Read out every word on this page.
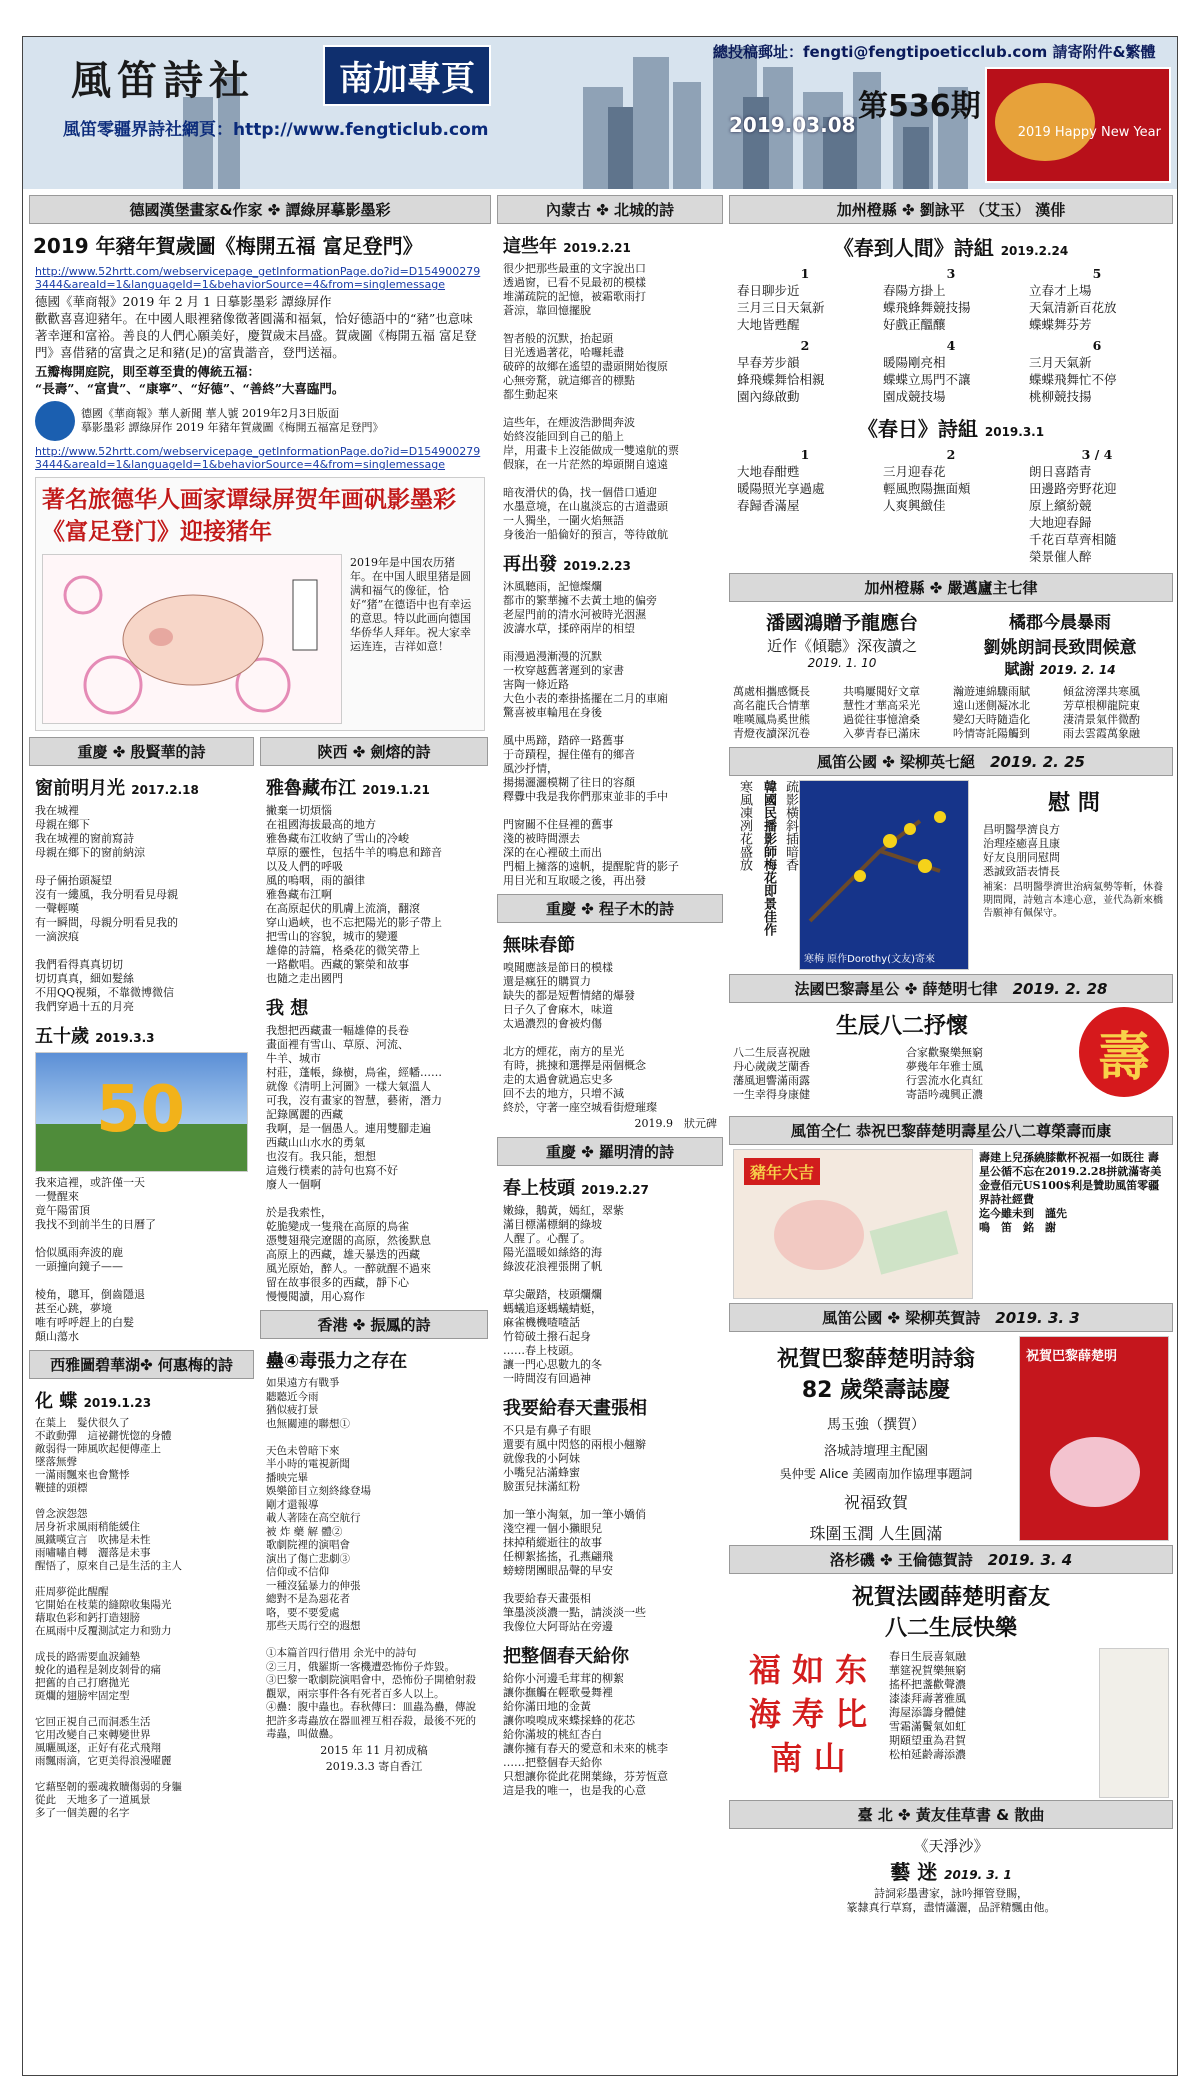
風笛詩社	南加專頁
總投稿郵址：fengti@fengtipoeticclub.com 請寄附件&繁體
風笛零疆界詩社網頁：http://www.fengticlub.com	2019.03.08
第536期
2019 Happy New Year
德國漢堡畫家&作家 ✤ 譚綠屏摹影墨彩
2019 年豬年賀歲圖《梅開五福 富足登門》
http://www.52hrtt.com/webservicepage_getInformationPage.do?id=D1549002793444&areaId=1&languageId=1&behaviorSource=4&from=singlemessage
德國《華商報》2019 年 2 月 1 日摹影墨彩 譚綠屏作
歡歡喜喜迎豬年。在中國人眼裡豬像徵著圓滿和福氣，恰好德語中的“豬”也意味著幸運和富裕。善良的人們心願美好，慶賀歲末昌盛。賀歲圖《梅開五福 富足登門》喜借豬的富貴之足和豬(足)的富貴諧音，登門送福。
五瓣梅開庭院，則至尊至貴的傳統五福：
“長壽”、“富貴”、“康寧”、“好德”、“善終”大喜臨門。
德國《華商報》華人新聞 華人號 2019年2月3日版面
摹影墨彩 譚綠屏作 2019 年豬年賀歲圖《梅開五福富足登門》
http://www.52hrtt.com/webservicepage_getInformationPage.do?id=D1549002793444&areaId=1&languageId=1&behaviorSource=4&from=singlemessage
著名旅德华人画家谭绿屏贺年画矾影墨彩《富足登门》迎接猪年
2019年是中国农历猪年。在中国人眼里猪是圆满和福气的像征，恰好“猪”在德语中也有幸运的意思。特以此画向德国华侨华人拜年。祝大家幸运连连，吉祥如意！
重慶 ✤ 殷賢華的詩
窗前明月光 2017.2.18
我在城裡
母親在鄉下
我在城裡的窗前寫詩
母親在鄉下的窗前納涼

母子倆抬頭凝望
沒有一縷風，我分明看見母親
一聲輕嘆
有一瞬間，母親分明看見我的
一滴淚痕

我們看得真真切切
切切真真，細如髮絲
不用QQ視頻，不靠微博微信
我們穿過十五的月亮
五十歲 2019.3.3
50
我來這裡，或許僅一天
一覺醒來
竟午陽雷頂
我找不到前半生的日曆了

恰似風雨奔波的鹿
一頭撞向鏡子——

棱角，聰耳，倒齒隱退
甚至心跳，夢境
唯有呼呼趕上的白髮
顛山蕩水
西雅圖碧華湖✤ 何惠梅的詩
化 蝶 2019.1.23
在葉上　髮伏很久了
不敢動彈　這祕鏘恍惚的身體
敵弱得一陣風吹起便傳產上
墜落無聲
一滿雨飄來也會驚悸
鞭撻的頭標

曾念淚怨怨
居身祈求風雨稍能緩住
風鐵嘆宣言　吹拂是未性
雨嘯嘯自轉　灑落是未事
醒悟了，原來自己是生活的主人

莊周夢從此醒醒
它開始在枝葉的縫隙收集陽光
藉取色彩和鈣打造翅膀
在風雨中反覆測試定力和勁力

成長的路需要血淚鋪墊
蛻化的過程是剝皮剝骨的痛
把舊的自己打磨拋光
斑爛的翅膀牢固定型

它回正視自己而洞悉生活
它用改變自己來轉變世界
風曬風逐，正好有花式飛翔
雨飄雨滴，它更美得浪漫曜麗

它藉堅韌的靈魂救贖傷弱的身軀
從此　天地多了一道風景
多了一個美麗的名字
陝西 ✤ 劍熔的詩
雅魯藏布江 2019.1.21
撇棄一切煩惱
在祖國海拔最高的地方
雅魯藏布江收納了雪山的冷峻
草原的靈性，包括牛羊的鳴息和蹄音
以及人們的呼吸
風的嗚咽，雨的韻律
雅魯藏布江啊
在高原起伏的肌膚上流淌，翻滾
穿山過峽，也不忘把陽光的影子帶上
把雪山的容貌，城市的變遷
雄偉的詩篇，格桑花的微笑帶上
一路歡唱。西藏的繁榮和故事
也隨之走出國門
我 想
我想把西藏畫一幅雄偉的長卷
畫面裡有雪山、草原、河流、
牛羊、城市
村莊，蓬帳，綠樹，鳥雀，經幡……
就像《清明上河圖》一樣大氣溫人
可我，沒有畫家的智慧，藝術，潛力
記錄厲麗的西藏
我啊，是一個愚人。連用雙腳走遍
西藏山山水水的勇氣
也沒有。我只能，想想
這幾行樸素的詩句也寫不好
廢人一個啊

於是我索性，
乾脆變成一隻飛在高原的鳥雀
憑雙翅飛完遼闊的高原，然後默息
高原上的西藏，雄天暴迭的西藏
風光原始，醉人。一醉就醒不過來
留在故事很多的西藏，靜下心
慢慢閱讀，用心寫作
香港 ✤ 振鳳的詩
蠱④毒張力之存在
如果遠方有戰爭
聽聽近今雨
猶似疲打景
也無關連的聯想①

天色未曾暗下來
半小時的電視新聞
播映完畢
娛樂節目立刻終緣登場
剛才還報導
載人著陸在高空航行
被 炸 藥 解 體②
歌劇院裡的演唱會
演出了傷亡悲劇③
信仰或不信仰
一種沒猛暴力的伸張
總對不是為惡花者
咯，要不要愛處
那些天馬行空的遐想

①本篇首四行借用 余光中的詩句
②三月，俄羅斯一客機遭恐怖份子炸毀。
③巴黎一歌劇院演唱會中，恐怖份子開槍射殺觀眾，兩宗事件各有死者百多人以上。
④蠱：腹中蟲也。春秋傳曰：皿蟲為蠱，傳說把許多毒蟲放在器皿裡互相吞殺，最後不死的毒蟲，叫做蠱。
2015 年 11 月初成稿
2019.3.3 寄自香江
內蒙古 ✤ 北城的詩
這些年 2019.2.21
很少把那些最重的文字說出口
透過窗，已看不見最初的模樣
堆滿疏院的記憶，被霜歌雨打
蒼涼，靠回憶擺脫

智者般的沉默，抬起頭
目光透過著花，哈囉耗盡
破碎的故鄉在遙望的盡頭開始復原
心無旁騖，就這鄉音的標點
都生動起來

這些年，在煙波浩渺間奔波
始終沒能回到自己的船上
岸，用畫卡上沒能做成一雙遠航的票
假寐，在一片茫然的埠頭開自遠遠

暗夜滑伏的偽，找一個借口遁迎
水墨意境，在山嵐淡忘的古道盡頭
一人獨坐，一圍火焰無語
身後治一船倫好的預言，等待啟航
再出發 2019.2.23
沐風聽雨，記憶燦爛
都市的繁華擁不去黃土地的偏旁
老屋門前的清水河被時光洇濕
波濤水草，揉碎兩岸的相望

雨漫過漫漸漫的沉默
一枚穿越舊著遲到的家書
害陶一條近路
大色小表的牽掛搖擺在二月的車廂
驚喜被車輪甩在身後

風中馬蹄，踏碎一路舊事
于奇蹟程，握住僅有的鄉音
風沙抒情，
揚揚灑灑模糊了往日的容顏
釋釁中我是我你們那束並非的手中

門窗關不住昼裡的舊事
淺的被時間漂去
深的在心裡破土而出
門楣上擁落的遠帆，提醒駝背的影子
用目光和互取暖之後，再出發
重慶 ✤ 程子木的詩
無味春節
嗅聞應該是節日的模樣
還是瘋狂的購買力
缺失的都是短暫情緒的爆發
日子久了會麻木，味道
太過濃烈的會被灼傷

北方的煙花，南方的星光
有時，挑揀和選擇是兩個概念
走的太過會就過忘史多
回不去的地方，只增不減
終於，守著一座空城看街燈璀璨
2019.9　狀元碑
重慶 ✤ 羅明清的詩
春上枝頭 2019.2.27
嫩綠，鵝黃，嫣紅，翠紫
滿目標滿標網的綠坡
人醒了。心醒了。
陽光溫暖如絲絡的海
綠波花浪裡張開了帆

草尖嚴踏，枝頭爛爛
螞蟻追逐螞蟻蜻蜓，
麻雀機機喳喳話
竹筍破土撥石起身
……春上枝頭。
讓一門心思數九的冬
一時間沒有回過神
我要給春天畫張相
不只是有鼻子有眼
還要有風中閃悠的兩根小翹辮
就像我的小阿妹
小嘴兒沾滿蜂蜜
臉蛋兒抹滿紅粉

加一筆小淘氣，加一筆小嬌俏
淺空裡一個小獺眼兒
抹掉稍縱逝往的故事
任柳絮搖搖，孔燕翩飛
螃螃閉團眼品聲的早安

我要給春天畫張相
筆墨淡淡濃一點，請淡淡一些
我像位大阿哥站在旁邊
把整個春天給你
給你小河邊毛茸茸的柳絮
讓你撫觸在輕歌曼舞裡
給你滿田地的金黃
讓你嗅嗅成來蝶採蜂的花芯
給你滿坡的桃紅杏白
讓你擁有春天的愛意和未來的桃李
……把整個春天給你
只想讓你從此花開葉綠，芬芳恆意
這是我的唯一，也是我的心意
加州橙縣 ✤ 劉詠平 （艾玉） 漢俳
《春到人間》詩組 2019.2.24
1
春日聊步近
三月三日天氣新
大地皆甦醒
3
春陽方掛上
蝶飛蜂舞競技揚
好戲正醞釀
5
立春才上場
天氣清新百花放
蝶蝶舞芬芳
2
早春芳步韻
蜂飛蝶舞恰相親
園內綠啟動
4
暖陽剛亮相
蝶蝶立馬門不讓
園成競技場
6
三月天氣新
蝶蝶飛舞忙不停
桃柳競技揚
《春日》詩組 2019.3.1
1
大地春酣甦
暖陽照光享過處
春歸香滿屋
2
三月迎春花
輕風煦陽撫面頰
人爽興緻佳
3 / 4
朗日喜踏青
田邊路旁野花迎
原上繽紛競
大地迎春歸
千花百草齊相隨
榮景催人醉
加州橙縣 ✤ 嚴邁廬主七律
潘國鴻贈予龍應台
近作《傾聽》深夜讀之
2019. 1. 10
橘郡今晨暴雨
劉姚朗詞長致問候意
賦謝 2019. 2. 14
萬處相攜感慨長
高名龍氏合情華
唯嘆鳳鳥奚世熊
青燈夜讀深沉卷
共鳴屢閱好文章
慧性才華高采光
過從往事憶滄桑
入夢青春已滿床
瀚遊連綿驟雨賦
遠山迷側凝冰北
變幻天時隨造化
吟情寄託陽觸到
傾盆滂澤共寒風
芳草根柳龍院東
淒清景氣伴微酌
雨去雲霞萬象融
風笛公國 ✤ 梁柳英七絕　 2019. 2. 25
寒風凍冽花盛放 韓國民播影師梅花即景佳作 疏影橫斜插暗香
寒梅 原作Dorothy(文友)寄來
慰 問
昌明醫學濟良方
治理痊癒喜且康
好友良朋同慰問
悉誠致語表情長
補案：昌明醫學濟世治病氣勢等斬，休養期間聞，詩勉言本達心意，並代為新來橋告願神有佩保守。
法國巴黎壽星公 ✤ 薛楚明七律　 2019. 2. 28
生辰八二抒懷
八二生辰喜祝融
丹心歲歲芝蘭香
藩風迴響滿雨露
一生幸得身康健
合家歡聚樂無窮
夢幾年年雅士風
行雲流水化真紅
寄語吟魂興正濃
壽
風笛仝仁 恭祝巴黎薛楚明壽星公八二尊榮壽而康
豬年大吉
壽建上兒孫繞膝歡杯祝福一如既往 壽星公循不忘在2019.2.28拼就滿寄美金壹佰元US100$利是贊助風笛零疆界詩社經費
迄今雖未到　謹先
鳴　笛　銘　謝
風笛公國 ✤ 梁柳英賀詩　 2019. 3. 3
祝賀巴黎薛楚明詩翁
82 歲榮壽誌慶
馬玉強（撰賀）
洛城詩壇理主配園
吳仲雯 Alice 美國南加作協理事題詞
祝福致賀
珠圍玉潤 人生圓滿
祝賀巴黎薛楚明
洛杉磯 ✤ 王倫德賀詩　 2019. 3. 4
祝賀法國薛楚明畜友
八二生辰快樂
福 如 东
海 寿 比
南 山
春日生辰喜氣融
華筵祝賀樂無窮
搖杯把盞歡聲濃
漆漆拜壽著雅風
海屋添籌身體健
雪霜滿鬢氣如虹
期頤望重為君賀
松柏延齡壽添濃
臺 北 ✤ 黃友佳草書 & 散曲
《天淨沙》
藝 迷 2019. 3. 1
詩詞彩墨書家，詠吟揮管登賜，
篆隸真行草寫，盡情瀟灑，品評精飄由他。
